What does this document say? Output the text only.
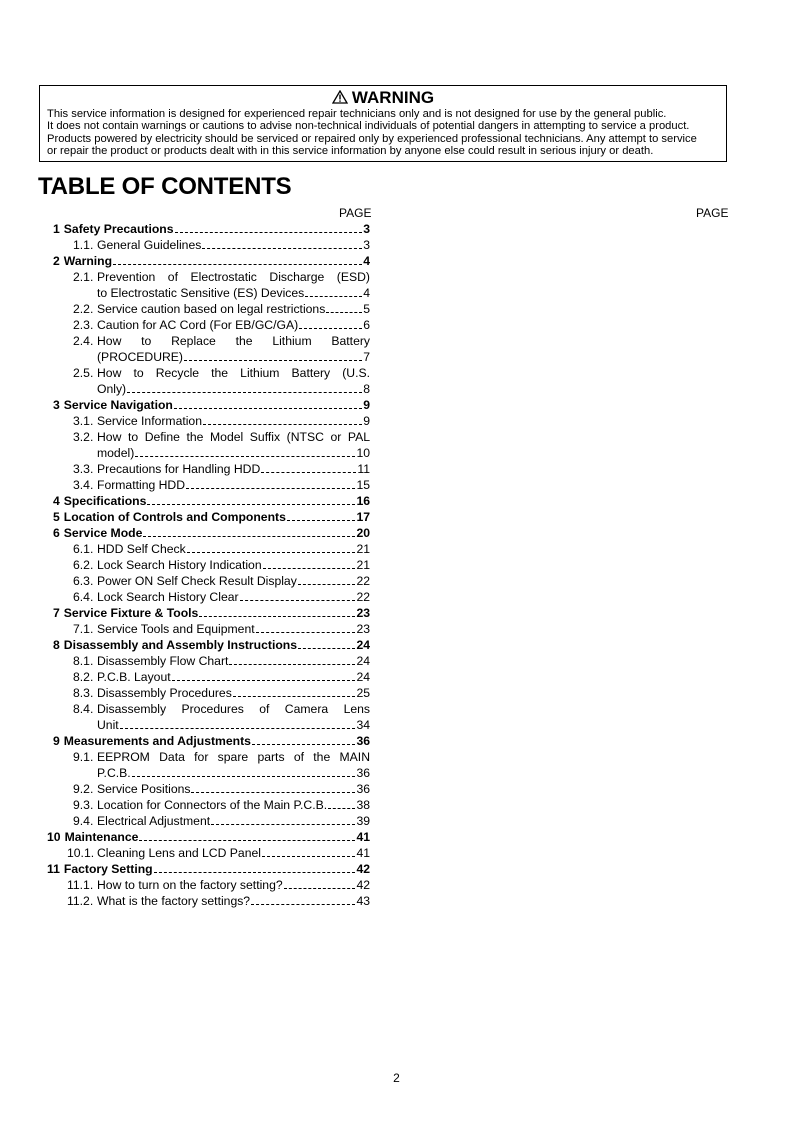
WARNING
This service information is designed for experienced repair technicians only and is not designed for use by the general public.
It does not contain warnings or cautions to advise non-technical individuals of potential dangers in attempting to service a product.
Products powered by electricity should be serviced or repaired only by experienced professional technicians. Any attempt to service
or repair the product or products dealt with in this service information by anyone else could result in serious injury or death.
TABLE OF CONTENTS
PAGE	PAGE
1 Safety Precautions	3
1.1. General Guidelines	3
2 Warning	4
2.1. Prevention of Electrostatic Discharge (ESD)
to Electrostatic Sensitive (ES) Devices	4
2.2. Service caution based on legal restrictions	5
2.3. Caution for AC Cord (For EB/GC/GA)	6
2.4. How to Replace the Lithium Battery
(PROCEDURE)	7
2.5. How to Recycle the Lithium Battery (U.S.
Only)	8
3 Service Navigation	9
3.1. Service Information	9
3.2. How to Define the Model Suffix (NTSC or PAL
model)	10
3.3. Precautions for Handling HDD	11
3.4. Formatting HDD	15
4 Specifications	16
5 Location of Controls and Components	17
6 Service Mode	20
6.1. HDD Self Check	21
6.2. Lock Search History Indication	21
6.3. Power ON Self Check Result Display	22
6.4. Lock Search History Clear	22
7 Service Fixture & Tools	23
7.1. Service Tools and Equipment	23
8 Disassembly and Assembly Instructions	24
8.1. Disassembly Flow Chart	24
8.2. P.C.B. Layout	24
8.3. Disassembly Procedures	25
8.4. Disassembly Procedures of Camera Lens
Unit	34
9 Measurements and Adjustments	36
9.1. EEPROM Data for spare parts of the MAIN
P.C.B.	36
9.2. Service Positions	36
9.3. Location for Connectors of the Main P.C.B. 38
9.4. Electrical Adjustment	39
10 Maintenance	41
10.1. Cleaning Lens and LCD Panel	41
11 Factory Setting	42
11.1. How to turn on the factory setting?	42
11.2. What is the factory settings?	43
2
